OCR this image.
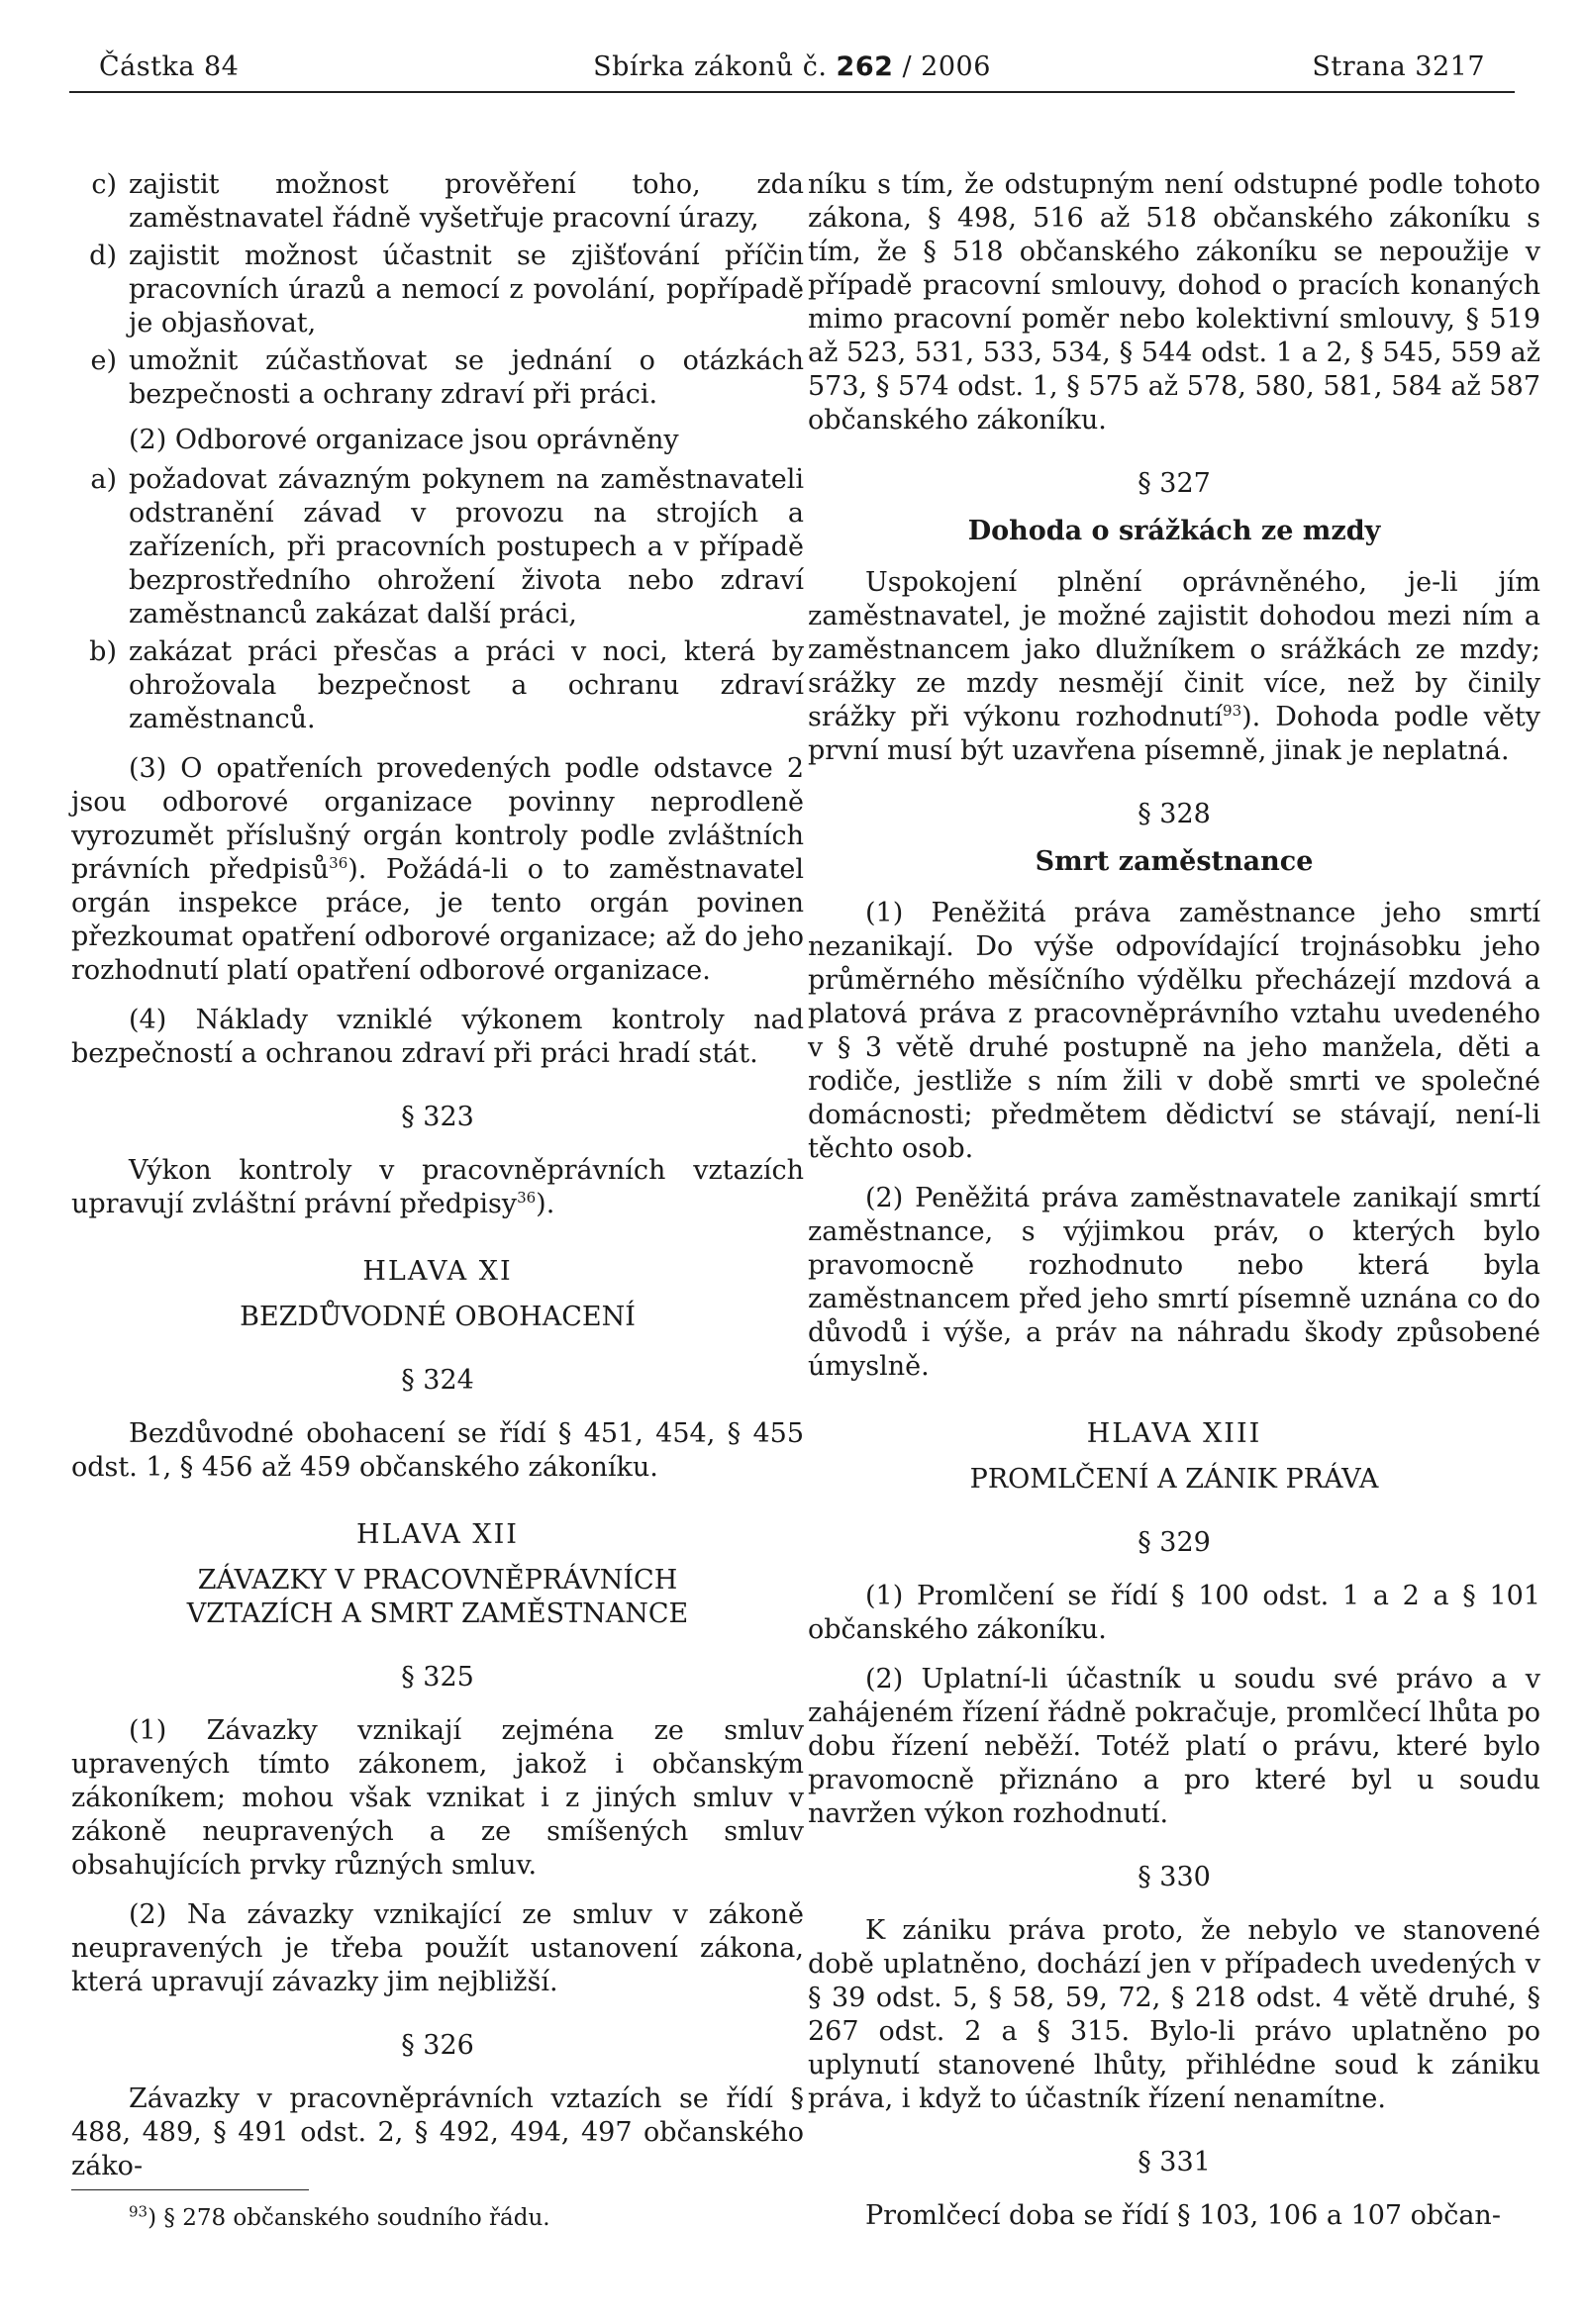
Částka 84	Sbírka zákonů č. 262 / 2006	Strana 3217
c) zajistit možnost prověření toho, zda zaměstnavatel řádně vyšetřuje pracovní úrazy,
d) zajistit možnost účastnit se zjišťování příčin pracovních úrazů a nemocí z povolání, popřípadě je objasňovat,
e) umožnit zúčastňovat se jednání o otázkách bezpečnosti a ochrany zdraví při práci.

(2) Odborové organizace jsou oprávněny

a) požadovat závazným pokynem na zaměstnavateli odstranění závad v provozu na strojích a zařízeních, při pracovních postupech a v případě bezprostředního ohrožení života nebo zdraví zaměstnanců zakázat další práci,
b) zakázat práci přesčas a práci v noci, která by ohrožovala bezpečnost a ochranu zdraví zaměstnanců.

(3) O opatřeních provedených podle odstavce 2 jsou odborové organizace povinny neprodleně vyrozumět příslušný orgán kontroly podle zvláštních právních předpisů$^{36}$). Požádá-li o to zaměstnavatel orgán inspekce práce, je tento orgán povinen přezkoumat opatření odborové organizace; až do jeho rozhodnutí platí opatření odborové organizace.

(4) Náklady vzniklé výkonem kontroly nad bezpečností a ochranou zdraví při práci hradí stát.

§ 323

Výkon kontroly v pracovněprávních vztazích upravují zvláštní právní předpisy$^{36}$).

HLAVA XI
BEZDŮVODNÉ OBOHACENÍ
§ 324

Bezdůvodné obohacení se řídí § 451, 454, § 455 odst. 1, § 456 až 459 občanského zákoníku.

HLAVA XII
ZÁVAZKY V PRACOVNĚPRÁVNÍCH
VZTAZÍCH A SMRT ZAMĚSTNANCE
§ 325

(1) Závazky vznikají zejména ze smluv upravených tímto zákonem, jakož i občanským zákoníkem; mohou však vznikat i z jiných smluv v zákoně neupravených a ze smíšených smluv obsahujících prvky různých smluv.

(2) Na závazky vznikající ze smluv v zákoně neupravených je třeba použít ustanovení zákona, která upravují závazky jim nejbližší.

§ 326

Závazky v pracovněprávních vztazích se řídí § 488, 489, § 491 odst. 2, § 492, 494, 497 občanského záko-

níku s tím, že odstupným není odstupné podle tohoto zákona, § 498, 516 až 518 občanského zákoníku s tím, že § 518 občanského zákoníku se nepoužije v případě pracovní smlouvy, dohod o pracích konaných mimo pracovní poměr nebo kolektivní smlouvy, § 519 až 523, 531, 533, 534, § 544 odst. 1 a 2, § 545, 559 až 573, § 574 odst. 1, § 575 až 578, 580, 581, 584 až 587 občanského zákoníku.

§ 327
Dohoda o srážkách ze mzdy

Uspokojení plnění oprávněného, je-li jím zaměstnavatel, je možné zajistit dohodou mezi ním a zaměstnancem jako dlužníkem o srážkách ze mzdy; srážky ze mzdy nesmějí činit více, než by činily srážky při výkonu rozhodnutí$^{93}$). Dohoda podle věty první musí být uzavřena písemně, jinak je neplatná.

§ 328
Smrt zaměstnance

(1) Peněžitá práva zaměstnance jeho smrtí nezanikají. Do výše odpovídající trojnásobku jeho průměrného měsíčního výdělku přecházejí mzdová a platová práva z pracovněprávního vztahu uvedeného v § 3 větě druhé postupně na jeho manžela, děti a rodiče, jestliže s ním žili v době smrti ve společné domácnosti; předmětem dědictví se stávají, není-li těchto osob.

(2) Peněžitá práva zaměstnavatele zanikají smrtí zaměstnance, s výjimkou práv, o kterých bylo pravomocně rozhodnuto nebo která byla zaměstnancem před jeho smrtí písemně uznána co do důvodů i výše, a práv na náhradu škody způsobené úmyslně.

HLAVA XIII
PROMLČENÍ A ZÁNIK PRÁVA
§ 329

(1) Promlčení se řídí § 100 odst. 1 a 2 a § 101 občanského zákoníku.

(2) Uplatní-li účastník u soudu své právo a v zahájeném řízení řádně pokračuje, promlčecí lhůta po dobu řízení neběží. Totéž platí o právu, které bylo pravomocně přiznáno a pro které byl u soudu navržen výkon rozhodnutí.

§ 330

K zániku práva proto, že nebylo ve stanovené době uplatněno, dochází jen v případech uvedených v § 39 odst. 5, § 58, 59, 72, § 218 odst. 4 větě druhé, § 267 odst. 2 a § 315. Bylo-li právo uplatněno po uplynutí stanovené lhůty, přihlédne soud k zániku práva, i když to účastník řízení nenamítne.

§ 331

Promlčecí doba se řídí § 103, 106 a 107 občan-

$^{93}$) § 278 občanského soudního řádu.
